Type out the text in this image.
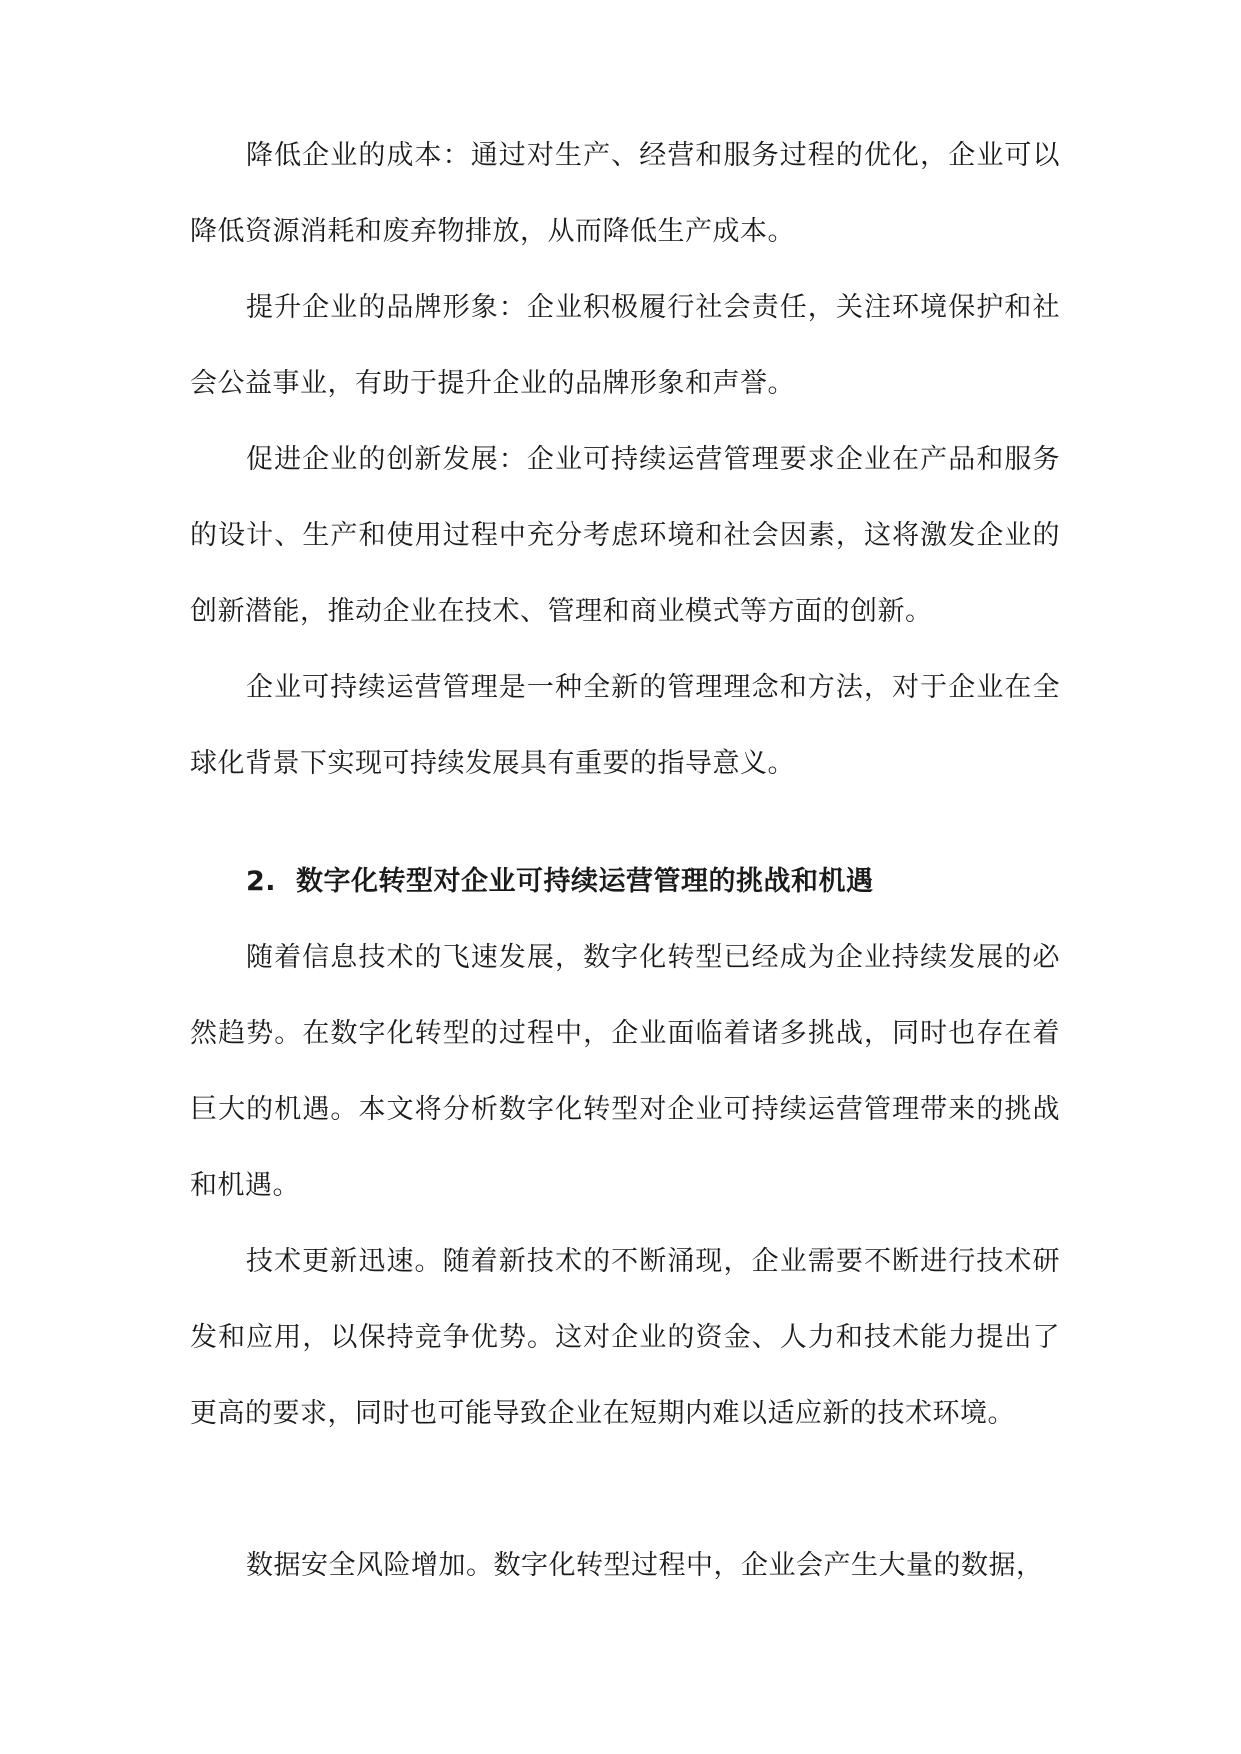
降低企业的成本：通过对生产、经营和服务过程的优化，企业可以降低资源消耗和废弃物排放，从而降低生产成本。

提升企业的品牌形象：企业积极履行社会责任，关注环境保护和社会公益事业，有助于提升企业的品牌形象和声誉。

促进企业的创新发展：企业可持续运营管理要求企业在产品和服务的设计、生产和使用过程中充分考虑环境和社会因素，这将激发企业的创新潜能，推动企业在技术、管理和商业模式等方面的创新。

企业可持续运营管理是一种全新的管理理念和方法，对于企业在全球化背景下实现可持续发展具有重要的指导意义。

2. 数字化转型对企业可持续运营管理的挑战和机遇

随着信息技术的飞速发展，数字化转型已经成为企业持续发展的必然趋势。在数字化转型的过程中，企业面临着诸多挑战，同时也存在着巨大的机遇。本文将分析数字化转型对企业可持续运营管理带来的挑战和机遇。

技术更新迅速。随着新技术的不断涌现，企业需要不断进行技术研发和应用，以保持竞争优势。这对企业的资金、人力和技术能力提出了更高的要求，同时也可能导致企业在短期内难以适应新的技术环境。

数据安全风险增加。数字化转型过程中，企业会产生大量的数据，
